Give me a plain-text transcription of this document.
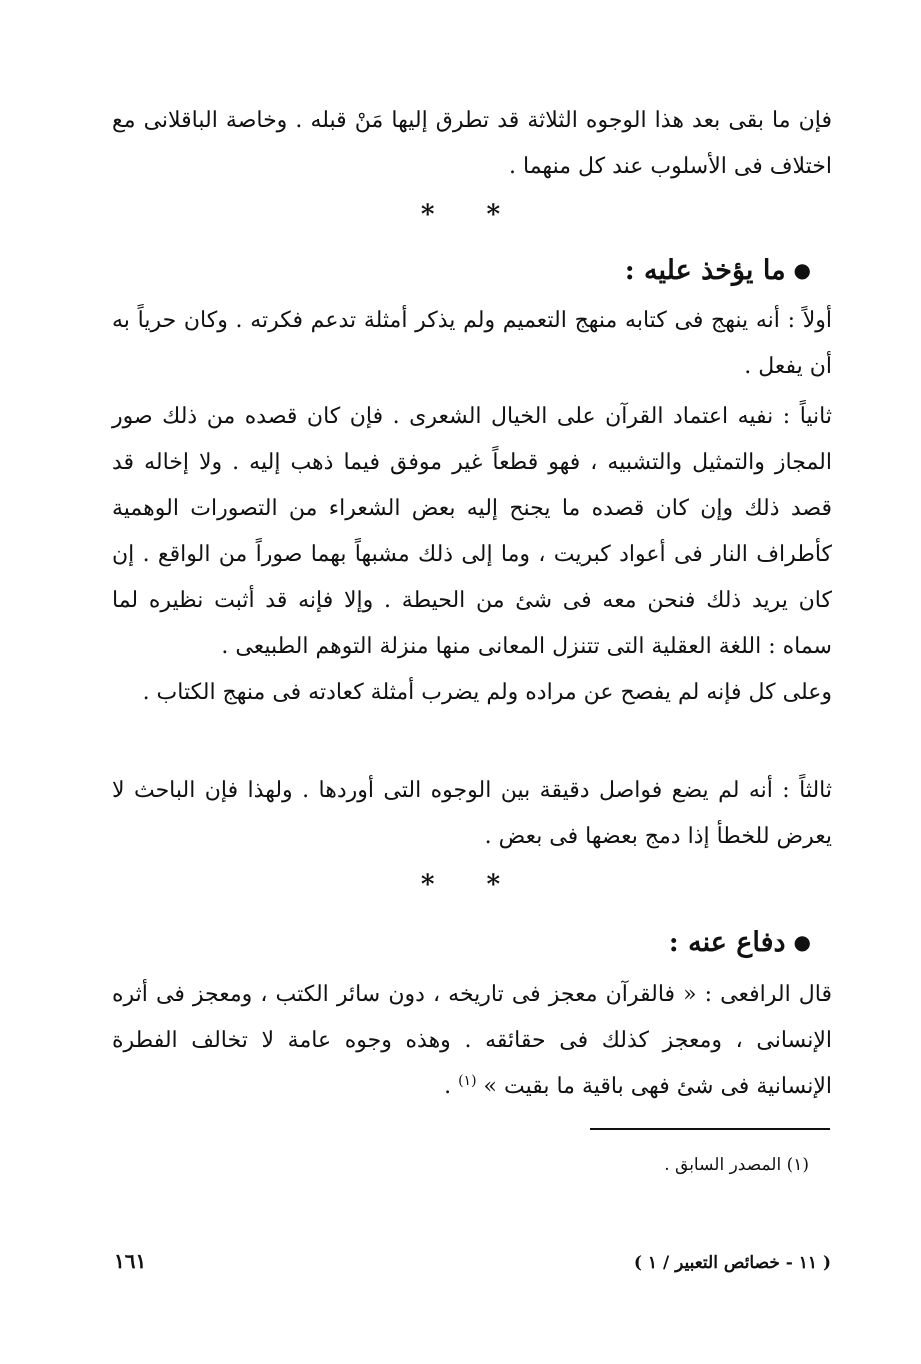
فإن ما بقى بعد هذا الوجوه الثلاثة قد تطرق إليها مَنْ قبله . وخاصة الباقلانى مع اختلاف فى الأسلوب عند كل منهما .

**
●ما يؤخذ عليه :

أولاً : أنه ينهج فى كتابه منهج التعميم ولم يذكر أمثلة تدعم فكرته . وكان حرياً به أن يفعل .

ثانياً : نفيه اعتماد القرآن على الخيال الشعرى . فإن كان قصده من ذلك صور المجاز والتمثيل والتشبيه ، فهو قطعاً غير موفق فيما ذهب إليه . ولا إخاله قد قصد ذلك وإن كان قصده ما يجنح إليه بعض الشعراء من التصورات الوهمية كأطراف النار فى أعواد كبريت ، وما إلى ذلك مشبهاً بهما صوراً من الواقع . إن كان يريد ذلك فنحن معه فى شئ من الحيطة . وإلا فإنه قد أثبت نظيره لما سماه : اللغة العقلية التى تتنزل المعانى منها منزلة التوهم الطبيعى .

وعلى كل فإنه لم يفصح عن مراده ولم يضرب أمثلة كعادته فى منهج الكتاب .

ثالثاً : أنه لم يضع فواصل دقيقة بين الوجوه التى أوردها . ولهذا فإن الباحث لا يعرض للخطأ إذا دمج بعضها فى بعض .

**
●دفاع عنه :

قال الرافعى : « فالقرآن معجز فى تاريخه ، دون سائر الكتب ، ومعجز فى أثره الإنسانى ، ومعجز كذلك فى حقائقه . وهذه وجوه عامة لا تخالف الفطرة الإنسانية فى شئ فهى باقية ما بقيت » $^{(١)}$ .

(١) المصدر السابق .
( ١١ - خصائص التعبير / ١ )
١٦١
